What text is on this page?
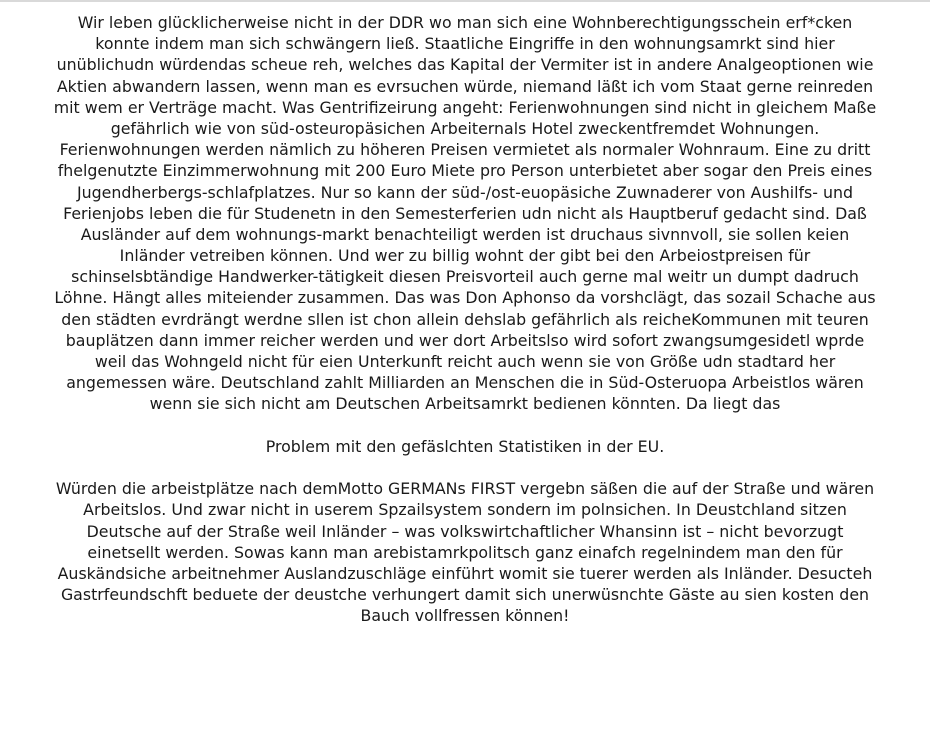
Wir leben glücklicherweise nicht in der DDR wo man sich eine Wohnberechtigungsschein erf*cken
konnte indem man sich schwängern ließ. Staatliche Eingriffe in den wohnungsamrkt sind hier
unüblichudn würdendas scheue reh, welches das Kapital der Vermiter ist in andere Analgeoptionen wie
Aktien abwandern lassen, wenn man es evrsuchen würde, niemand läßt ich vom Staat gerne reinreden
mit wem er Verträge macht. Was Gentrifizeirung angeht: Ferienwohnungen sind nicht in gleichem Maße
gefährlich wie von süd-osteuropäsichen Arbeiternals Hotel zweckentfremdet Wohnungen.
Ferienwohnungen werden nämlich zu höheren Preisen vermietet als normaler Wohnraum. Eine zu dritt
fhelgenutzte Einzimmerwohnung mit 200 Euro Miete pro Person unterbietet aber sogar den Preis eines
Jugendherbergs-schlafplatzes. Nur so kann der süd-/ost-euopäsiche Zuwnaderer von Aushilfs- und
Ferienjobs leben die für Studenetn in den Semesterferien udn nicht als Hauptberuf gedacht sind. Daß
Ausländer auf dem wohnungs-markt benachteiligt werden ist druchaus sivnnvoll, sie sollen keien
Inländer vetreiben können. Und wer zu billig wohnt der gibt bei den Arbeiostpreisen für
schinselsbtändige Handwerker-tätigkeit diesen Preisvorteil auch gerne mal weitr un dumpt dadruch
Löhne. Hängt alles miteiender zusammen. Das was Don Aphonso da vorshclägt, das sozail Schache aus
den städten evrdrängt werdne sllen ist chon allein dehslab gefährlich als reicheKommunen mit teuren
bauplätzen dann immer reicher werden und wer dort Arbeitslso wird sofort zwangsumgesidetl wprde
weil das Wohngeld nicht für eien Unterkunft reicht auch wenn sie von Größe udn stadtard her
angemessen wäre. Deutschland zahlt Milliarden an Menschen die in Süd-Osteruopa Arbeistlos wären
wenn sie sich nicht am Deutschen Arbeitsamrkt bedienen könnten. Da liegt das
Problem mit den gefäslchten Statistiken in der EU.
Würden die arbeistplätze nach demMotto GERMANs FIRST vergebn säßen die auf der Straße und wären
Arbeitslos. Und zwar nicht in userem Spzailsystem sondern im polnsichen. In Deustchland sitzen
Deutsche auf der Straße weil Inländer – was volkswirtchaftlicher Whansinn ist – nicht bevorzugt
einetsellt werden. Sowas kann man arebistamrkpolitsch ganz einafch regelnindem man den für
Auskändsiche arbeitnehmer Auslandzuschläge einführt womit sie tuerer werden als Inländer. Desucteh
Gastrfeundschft beduete der deustche verhungert damit sich unerwüsnchte Gäste au sien kosten den
Bauch vollfressen können!
